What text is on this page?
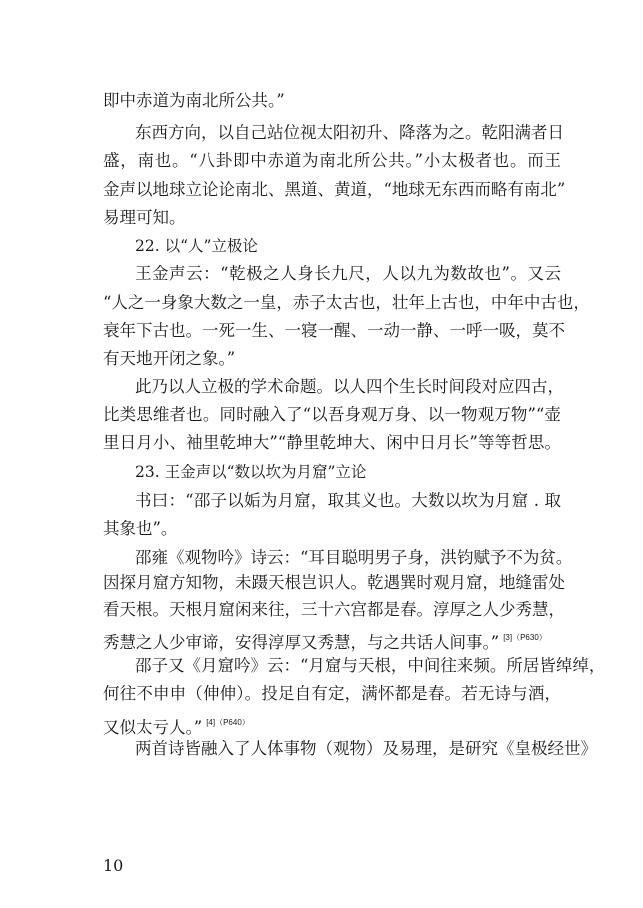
即中赤道为南北所公共。”
东西方向，以自己站位视太阳初升、降落为之。乾阳满者日
盛，南也。“八卦即中赤道为南北所公共。”小太极者也。而王
金声以地球立论论南北、黑道、黄道，“地球无东西而略有南北”
易理可知。
22. 以“人”立极论
王金声云：“乾极之人身长九尺，人以九为数故也”。又云
“人之一身象大数之一皇，赤子太古也，壮年上古也，中年中古也，
衰年下古也。一死一生、一寝一醒、一动一静、一呼一吸，莫不
有天地开闭之象。”
此乃以人立极的学术命题。以人四个生长时间段对应四古，
比类思维者也。同时融入了“以吾身观万身、以一物观万物”“壶
里日月小、袖里乾坤大”“静里乾坤大、闲中日月长”等等哲思。
23. 王金声以“数以坎为月窟”立论
书曰：“邵子以姤为月窟，取其义也。大数以坎为月窟 . 取
其象也”。
邵雍《观物吟》诗云：“耳目聪明男子身，洪钧赋予不为贫。
因探月窟方知物，未蹑天根岂识人。乾遇巽时观月窟，地缝雷处
看天根。天根月窟闲来往，三十六宫都是春。淳厚之人少秀慧，
秀慧之人少审谛，安得淳厚又秀慧，与之共话人间事。” $^{[3](P630)}$
邵子又《月窟吟》云：“月窟与天根，中间往来频。所居皆绰绰，
何往不申申（伸伸）。投足自有定，满怀都是春。若无诗与酒，
又似太亏人。” $^{[4](P640)}$
两首诗皆融入了人体事物（观物）及易理，是研究《皇极经世》
10
